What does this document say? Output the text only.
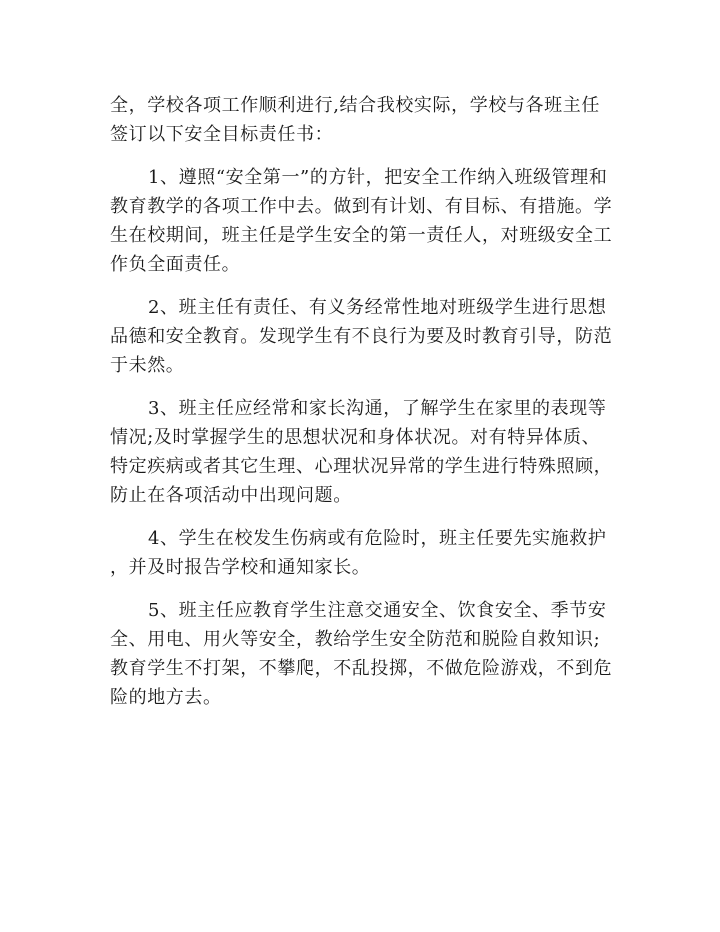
全，学校各项工作顺利进行,结合我校实际，学校与各班主任
签订以下安全目标责任书：
1、遵照“安全第一”的方针，把安全工作纳入班级管理和
教育教学的各项工作中去。做到有计划、有目标、有措施。学
生在校期间，班主任是学生安全的第一责任人，对班级安全工
作负全面责任。
2、班主任有责任、有义务经常性地对班级学生进行思想
品德和安全教育。发现学生有不良行为要及时教育引导，防范
于未然。
3、班主任应经常和家长沟通，了解学生在家里的表现等
情况;及时掌握学生的思想状况和身体状况。对有特异体质、
特定疾病或者其它生理、心理状况异常的学生进行特殊照顾，
防止在各项活动中出现问题。
4、学生在校发生伤病或有危险时，班主任要先实施救护
，并及时报告学校和通知家长。
5、班主任应教育学生注意交通安全、饮食安全、季节安
全、用电、用火等安全，教给学生安全防范和脱险自救知识;
教育学生不打架，不攀爬，不乱投掷，不做危险游戏，不到危
险的地方去。
